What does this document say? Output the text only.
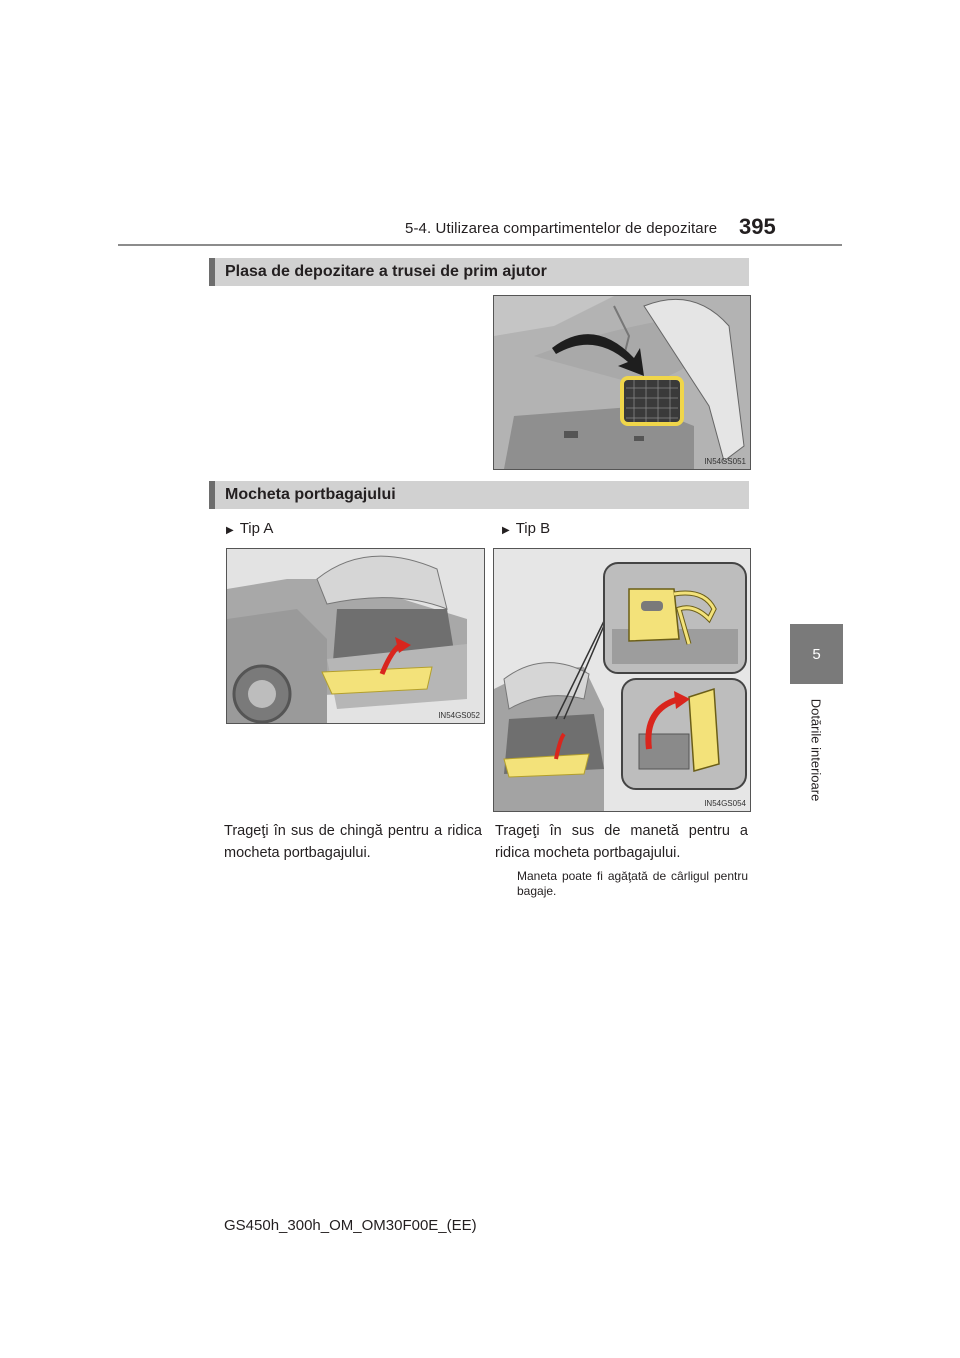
5-4. Utilizarea compartimentelor de depozitare 395
5
Dotările interioare
Plasa de depozitare a trusei de prim ajutor
IN54GS051
Mocheta portbagajului
▶ Tip A	▶ Tip B
IN54GS052
IN54GS054
Trageţi în sus de chingă pentru a ridica mocheta portbagajului.
Trageţi în sus de manetă pentru a ridica mocheta portbagajului.
Maneta poate fi agăţată de cârligul pentru bagaje.
GS450h_300h_OM_OM30F00E_(EE)
